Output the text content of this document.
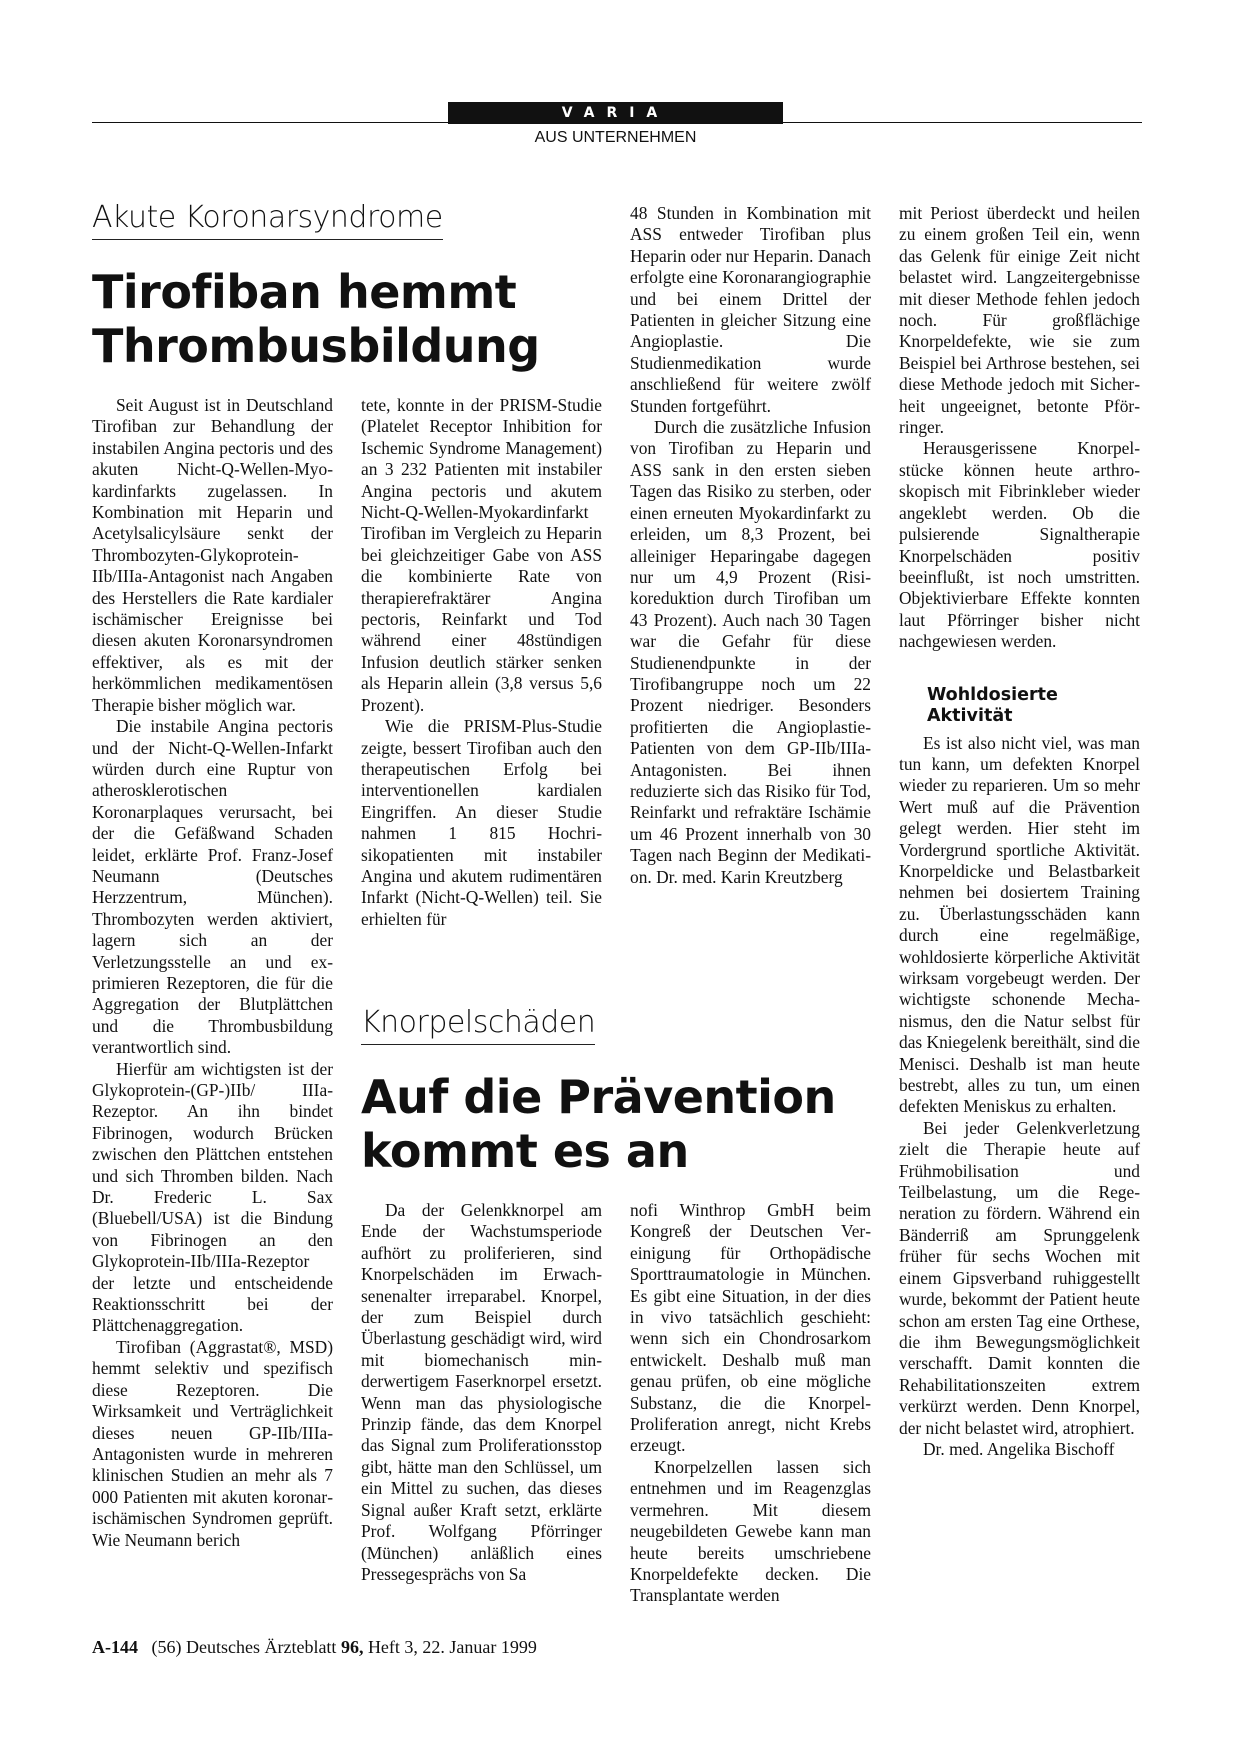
VARIA
AUS UNTERNEHMEN
Akute Koronarsyndrome
Tirofiban hemmt
Thrombusbildung

Seit August ist in Deutschland Tirofiban zur Behandlung der instabilen Angina pectoris und des akuten Nicht-Q-Wellen-Myokardinfarkts zugelassen. In Kombination mit Heparin und Acetylsalicylsäure senkt der Thrombozyten-Glykoprotein-IIb/IIIa-Antagonist nach Angaben des Herstellers die Rate kardialer ischämischer Ereignisse bei diesen akuten Koronarsyndromen effektiver, als es mit der herkömmlichen medikamentösen Therapie bisher möglich war.

Die instabile Angina pectoris und der Nicht-Q-Wellen-Infarkt würden durch eine Ruptur von atherosklerotischen Koronarplaques verursacht, bei der die Gefäßwand Schaden leidet, erklärte Prof. Franz-Josef Neumann (Deutsches Herzzentrum, München). Thrombozyten werden aktiviert, lagern sich an der Verletzungsstelle an und exprimieren Rezeptoren, die für die Aggregation der Blutplättchen und die Thrombusbildung verantwortlich sind.

Hierfür am wichtigsten ist der Glykoprotein-(GP-)IIb/ IIIa-Rezeptor. An ihn bindet Fibrinogen, wodurch Brücken zwischen den Plättchen entstehen und sich Thromben bilden. Nach Dr. Frederic L. Sax (Bluebell/USA) ist die Bindung von Fibrinogen an den Glykoprotein-IIb/IIIa-Rezeptor der letzte und entscheidende Reaktionsschritt bei der Plättchenaggregation.

Tirofiban (Aggrastat®, MSD) hemmt selektiv und spezifisch diese Rezeptoren. Die Wirksamkeit und Verträglichkeit dieses neuen GP-IIb/IIIa-Antagonisten wurde in mehreren klinischen Studien an mehr als 7 000 Patienten mit akuten koronarischämischen Syndromen geprüft. Wie Neumann berich

tete, konnte in der PRISM-Studie (Platelet Receptor Inhibition for Ischemic Syndrome Management) an 3 232 Patienten mit instabiler Angina pectoris und akutem Nicht-Q-Wellen-Myokardinfarkt Tirofiban im Vergleich zu Heparin bei gleichzeitiger Gabe von ASS die kombinierte Rate von therapierefraktärer Angina pectoris, Reinfarkt und Tod während einer 48stündigen Infusion deutlich stärker senken als Heparin allein (3,8 versus 5,6 Prozent).

Wie die PRISM-Plus-Studie zeigte, bessert Tirofiban auch den therapeutischen Erfolg bei interventionellen kardialen Eingriffen. An dieser Studie nahmen 1 815 Hochrisikopatienten mit instabiler Angina und akutem rudimentären Infarkt (Nicht-Q-Wellen) teil. Sie erhielten für

48 Stunden in Kombination mit ASS entweder Tirofiban plus Heparin oder nur Heparin. Danach erfolgte eine Koronarangiographie und bei einem Drittel der Patienten in gleicher Sitzung eine Angioplastie. Die Studienmedikation wurde anschließend für weitere zwölf Stunden fortgeführt.

Durch die zusätzliche Infusion von Tirofiban zu Heparin und ASS sank in den ersten sieben Tagen das Risiko zu sterben, oder einen erneuten Myokardinfarkt zu erleiden, um 8,3 Prozent, bei alleiniger Heparingabe dagegen nur um 4,9 Prozent (Risikoreduktion durch Tirofiban um 43 Prozent). Auch nach 30 Tagen war die Gefahr für diese Studienendpunkte in der Tirofibangruppe noch um 22 Prozent niedriger. Besonders profitierten die Angioplastie-Patienten von dem GP-IIb/IIIa-Antagonisten. Bei ihnen reduzierte sich das Risiko für Tod, Reinfarkt und refraktäre Ischämie um 46 Prozent innerhalb von 30 Tagen nach Beginn der Medikation. Dr. med. Karin Kreutzberg

Knorpelschäden
Auf die Prävention
kommt es an

Da der Gelenkknorpel am Ende der Wachstumsperiode aufhört zu proliferieren, sind Knorpelschäden im Erwachsenenalter irreparabel. Knorpel, der zum Beispiel durch Überlastung geschädigt wird, wird mit biomechanisch minderwertigem Faserknorpel ersetzt. Wenn man das physiologische Prinzip fände, das dem Knorpel das Signal zum Proliferationsstop gibt, hätte man den Schlüssel, um ein Mittel zu suchen, das dieses Signal außer Kraft setzt, erklärte Prof. Wolfgang Pförringer (München) anläßlich eines Pressegesprächs von Sa

nofi Winthrop GmbH beim Kongreß der Deutschen Vereinigung für Orthopädische Sporttraumatologie in München. Es gibt eine Situation, in der dies in vivo tatsächlich geschieht: wenn sich ein Chondrosarkom entwickelt. Deshalb muß man genau prüfen, ob eine mögliche Substanz, die die Knorpel-Proliferation anregt, nicht Krebs erzeugt.

Knorpelzellen lassen sich entnehmen und im Reagenzglas vermehren. Mit diesem neugebildeten Gewebe kann man heute bereits umschriebene Knorpeldefekte decken. Die Transplantate werden

mit Periost überdeckt und heilen zu einem großen Teil ein, wenn das Gelenk für einige Zeit nicht belastet wird. Langzeitergebnisse mit dieser Methode fehlen jedoch noch. Für großflächige Knorpeldefekte, wie sie zum Beispiel bei Arthrose bestehen, sei diese Methode jedoch mit Sicherheit ungeeignet, betonte Pförringer.

Herausgerissene Knorpelstücke können heute arthroskopisch mit Fibrinkleber wieder angeklebt werden. Ob die pulsierende Signaltherapie Knorpelschäden positiv beeinflußt, ist noch umstritten. Objektivierbare Effekte konnten laut Pförringer bisher nicht nachgewiesen werden.

Wohldosierte Aktivität

Es ist also nicht viel, was man tun kann, um defekten Knorpel wieder zu reparieren. Um so mehr Wert muß auf die Prävention gelegt werden. Hier steht im Vordergrund sportliche Aktivität. Knorpeldicke und Belastbarkeit nehmen bei dosiertem Training zu. Überlastungsschäden kann durch eine regelmäßige, wohldosierte körperliche Aktivität wirksam vorgebeugt werden. Der wichtigste schonende Mechanismus, den die Natur selbst für das Kniegelenk bereithält, sind die Menisci. Deshalb ist man heute bestrebt, alles zu tun, um einen defekten Meniskus zu erhalten.

Bei jeder Gelenkverletzung zielt die Therapie heute auf Frühmobilisation und Teilbelastung, um die Regeneration zu fördern. Während ein Bänderriß am Sprunggelenk früher für sechs Wochen mit einem Gipsverband ruhiggestellt wurde, bekommt der Patient heute schon am ersten Tag eine Orthese, die ihm Bewegungsmöglichkeit verschafft. Damit konnten die Rehabilitationszeiten extrem verkürzt werden. Denn Knorpel, der nicht belastet wird, atrophiert.

Dr. med. Angelika Bischoff

A-144 (56) Deutsches Ärzteblatt 96, Heft 3, 22. Januar 1999
